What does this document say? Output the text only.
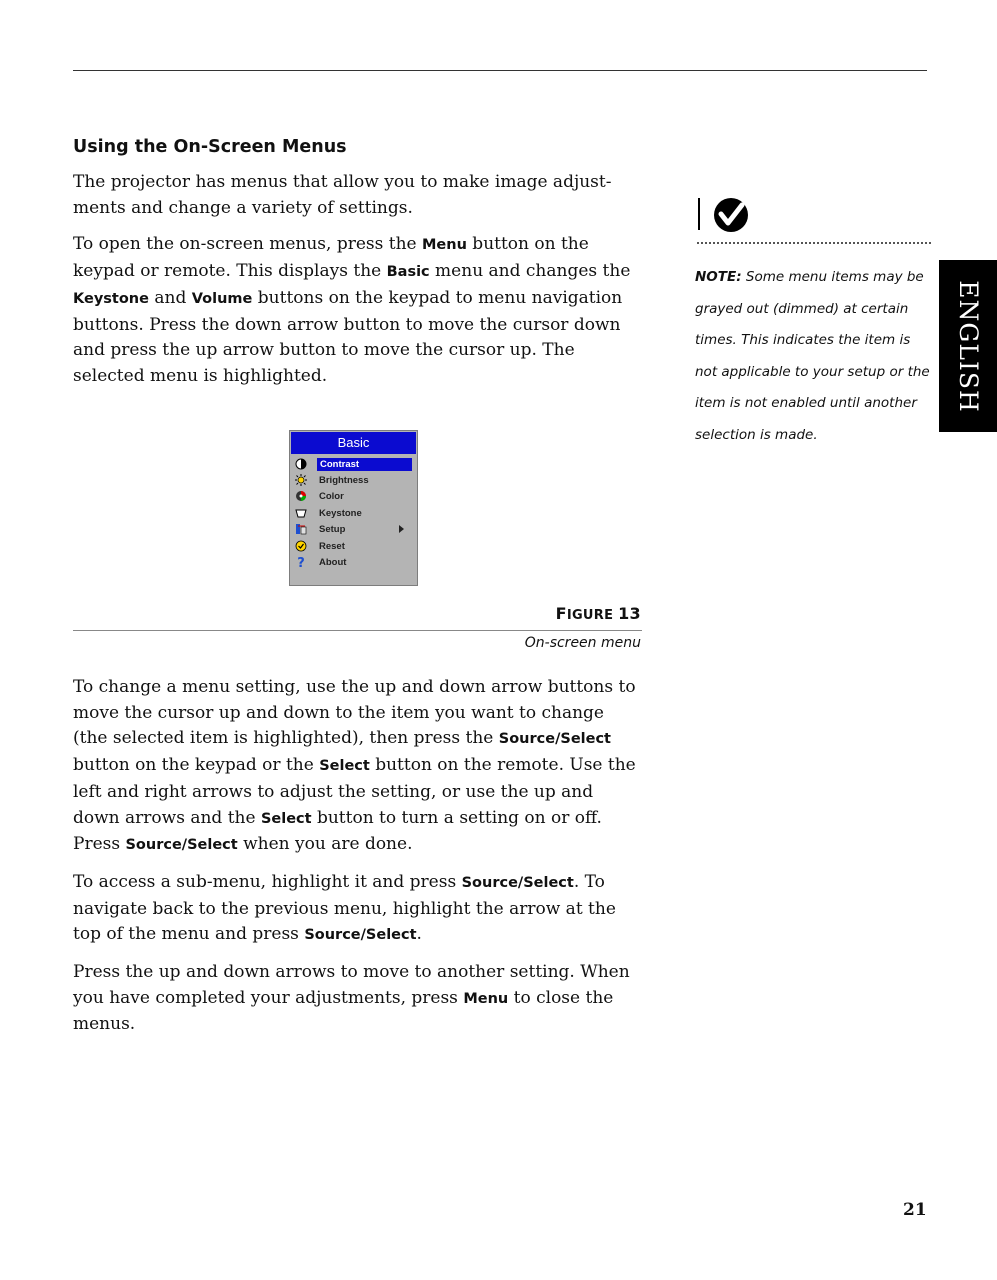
Using the On-Screen Menus

The projector has menus that allow you to make image adjust-ments and change a variety of settings.

To open the on-screen menus, press the Menu button on the keypad or remote. This displays the Basic menu and changes the Keystone and Volume buttons on the keypad to menu navigation buttons. Press the down arrow button to move the cursor down and press the up arrow button to move the cursor up. The selected menu is highlighted.

Basic
Contrast
Brightness
Color
Keystone
Setup
Reset
? About

FIGURE 13

On-screen menu

To change a menu setting, use the up and down arrow buttons to move the cursor up and down to the item you want to change (the selected item is highlighted), then press the Source/Select button on the keypad or the Select button on the remote. Use the left and right arrows to adjust the setting, or use the up and down arrows and the Select button to turn a setting on or off. Press Source/Select when you are done.

To access a sub-menu, highlight it and press Source/Select. To navigate back to the previous menu, highlight the arrow at the top of the menu and press Source/Select.

Press the up and down arrows to move to another setting. When you have completed your adjustments, press Menu to close the menus.

NOTE: Some menu items may be grayed out (dimmed) at certain times. This indicates the item is not applicable to your setup or the item is not enabled until another selection is made.

ENGLISH

21
